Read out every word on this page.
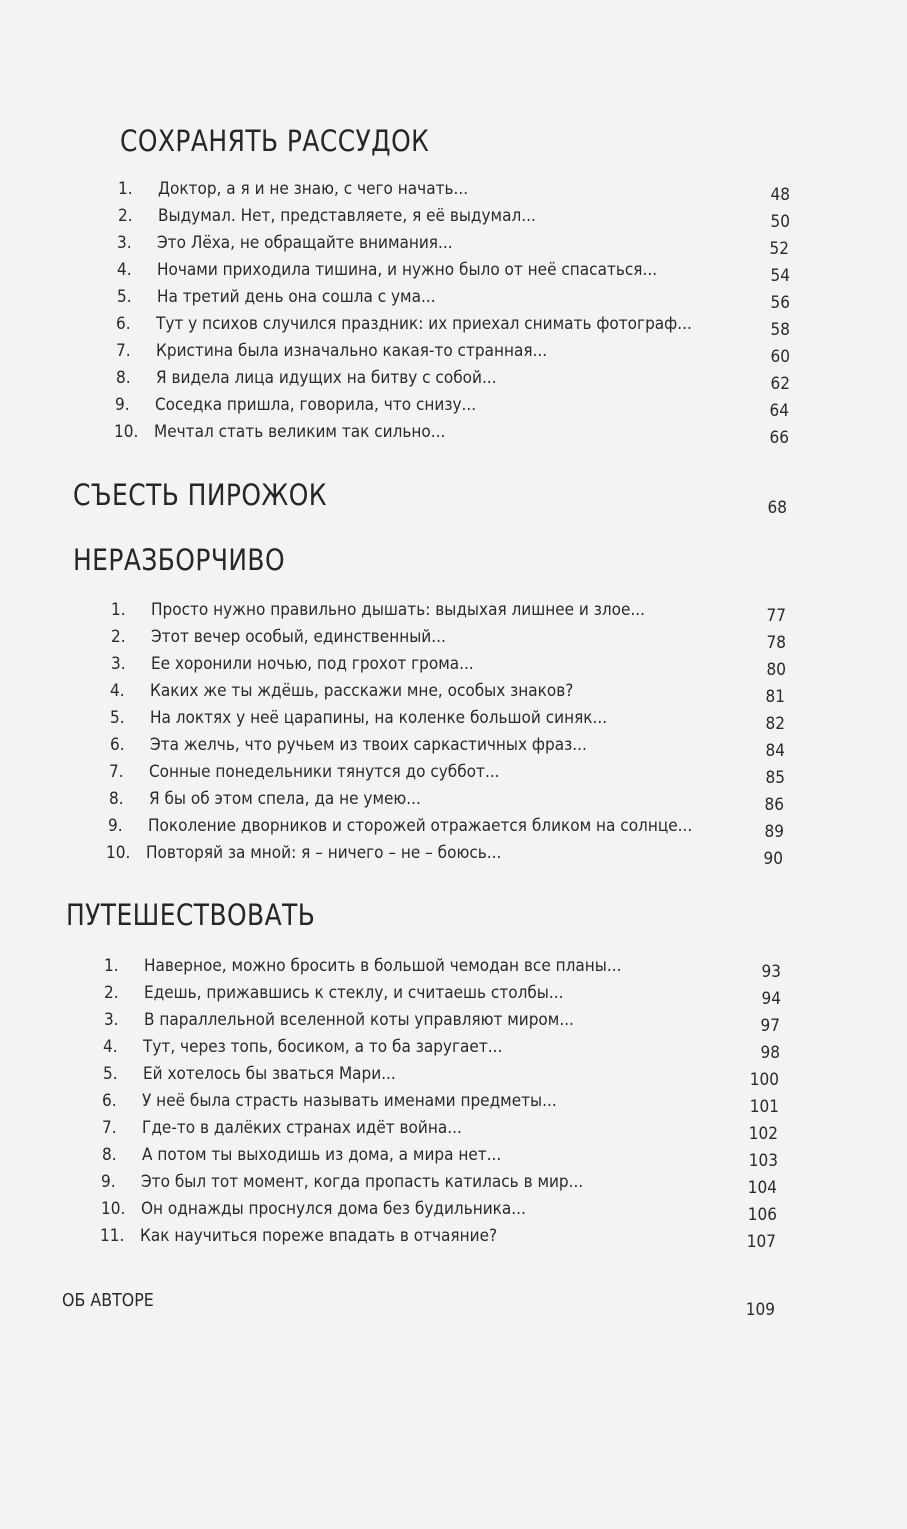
СОХРАНЯТЬ РАССУДОК
1.	Доктор, а я и не знаю, с чего начать...	48
2.	Выдумал. Нет, представляете, я её выдумал...	50
3.	Это Лёха, не обращайте внимания...	52
4.	Ночами приходила тишина, и нужно было от неё спасаться...	54
5.	На третий день она сошла с ума...	56
6.	Тут у психов случился праздник: их приехал снимать фотограф...	58
7.	Кристина была изначально какая-то странная...	60
8.	Я видела лица идущих на битву с собой...	62
9.	Соседка пришла, говорила, что снизу...	64
10. Мечтал стать великим так сильно...	66
СЪЕСТЬ ПИРОЖОК	68
НЕРАЗБОРЧИВО
1.	Просто нужно правильно дышать: выдыхая лишнее и злое...	77
2.	Этот вечер особый, единственный...	78
3.	Ее хоронили ночью, под грохот грома...	80
4.	Каких же ты ждёшь, расскажи мне, особых знаков?	81
5.	На локтях у неё царапины, на коленке большой синяк...	82
6.	Эта желчь, что ручьем из твоих саркастичных фраз...	84
7.	Сонные понедельники тянутся до суббот...	85
8.	Я бы об этом спела, да не умею...	86
9.	Поколение дворников и сторожей отражается бликом на солнце...	89
10. Повторяй за мной: я – ничего – не – боюсь...	90
ПУТЕШЕСТВОВАТЬ
1.	Наверное, можно бросить в большой чемодан все планы...	93
2.	Едешь, прижавшись к стеклу, и считаешь столбы...	94
3.	В параллельной вселенной коты управляют миром...	97
4.	Тут, через топь, босиком, а то ба заругает...	98
5.	Ей хотелось бы зваться Мари...	100
6.	У неё была страсть называть именами предметы...	101
7.	Где-то в далёких странах идёт война...	102
8.	А потом ты выходишь из дома, а мира нет...	103
9.	Это был тот момент, когда пропасть катилась в мир...	104
10. Он однажды проснулся дома без будильника...	106
11. Как научиться пореже впадать в отчаяние?	107
ОБ АВТОРЕ	109
